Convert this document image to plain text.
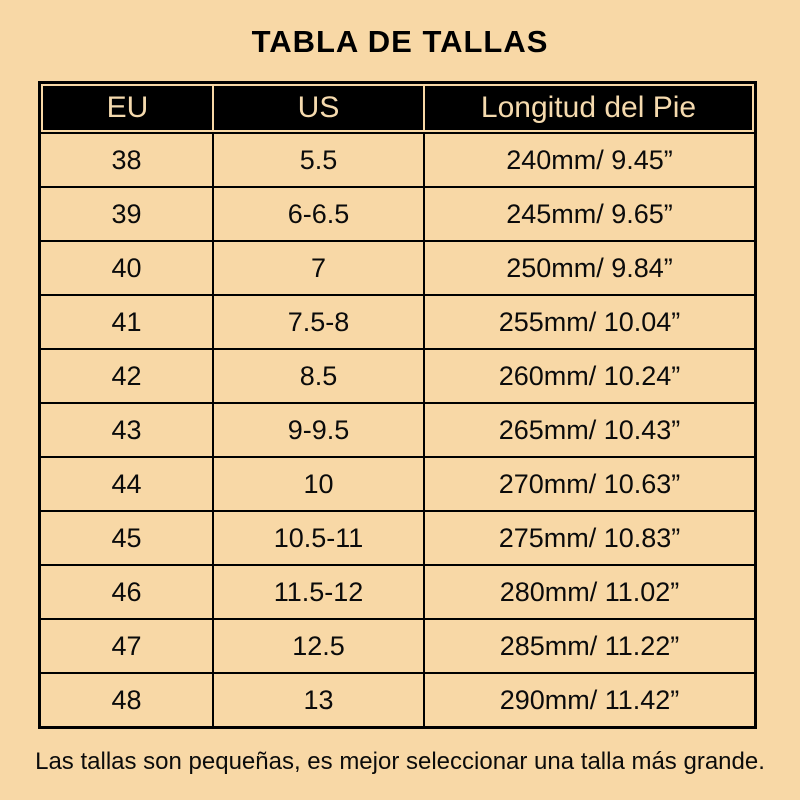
TABLA DE TALLAS
EU	US	Longitud del Pie
38	5.5	240mm/ 9.45”
39	6-6.5	245mm/ 9.65”
40	7	250mm/ 9.84”
41	7.5-8	255mm/ 10.04”
42	8.5	260mm/ 10.24”
43	9-9.5	265mm/ 10.43”
44	10	270mm/ 10.63”
45	10.5-11	275mm/ 10.83”
46	11.5-12	280mm/ 11.02”
47	12.5	285mm/ 11.22”
48	13	290mm/ 11.42”
Las tallas son pequeñas, es mejor seleccionar una talla más grande.
